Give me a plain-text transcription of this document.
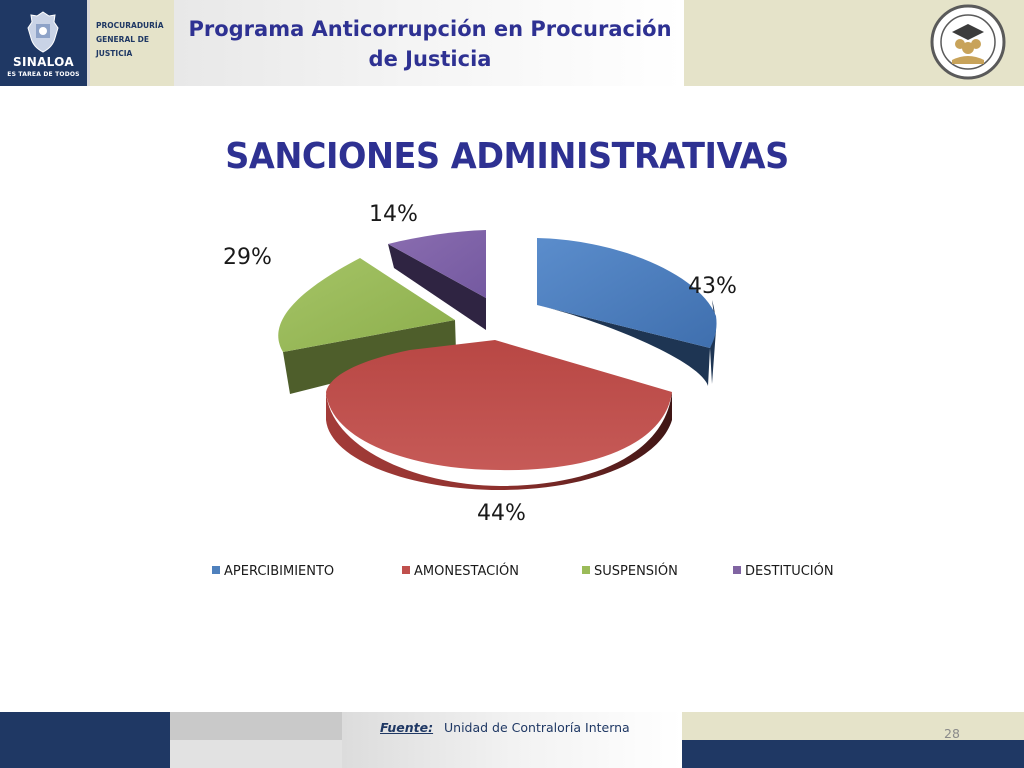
SINALOA
ES TAREA DE TODOS
PROCURADURÍA
GENERAL DE
JUSTICIA
Programa Anticorrupción en Procuración
de Justicia
SANCIONES ADMINISTRATIVAS
43%
44%
29%
14%
APERCIBIMIENTO	AMONESTACIÓN	SUSPENSIÓN	DESTITUCIÓN
Fuente: Unidad de Contraloría Interna	28
